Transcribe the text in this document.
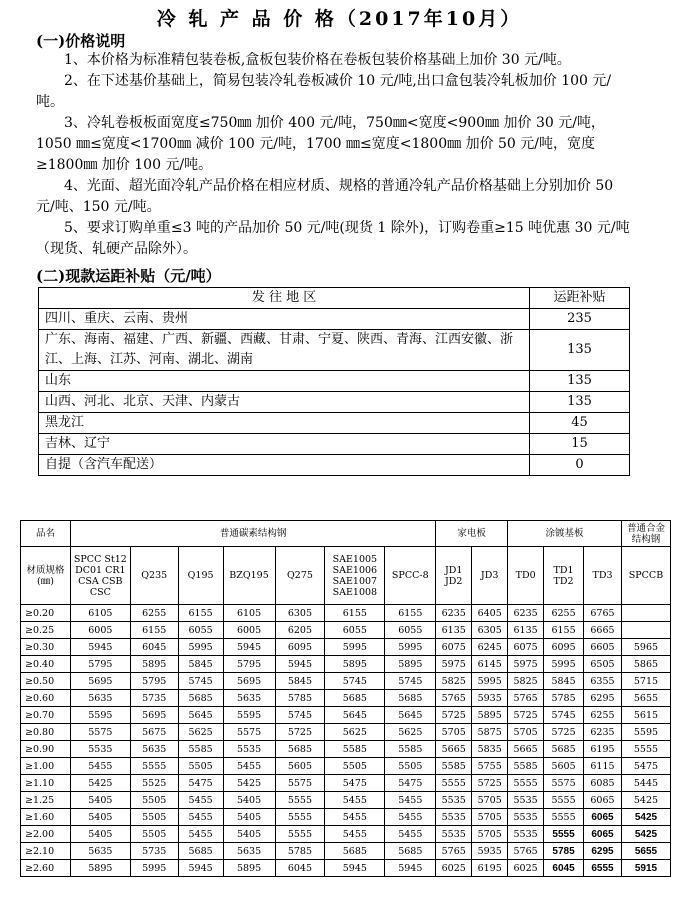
冷 轧 产 品 价 格（2017年10月）
(一)价格说明

1、本价格为标准精包装卷板,盒板包装价格在卷板包装价格基础上加价 30 元/吨。

2、在下述基价基础上，简易包装冷轧卷板减价 10 元/吨,出口盒包装冷轧板加价 100 元/吨。

3、冷轧卷板板面宽度≤750㎜ 加价 400 元/吨，750㎜<宽度<900㎜ 加价 30 元/吨，1050 ㎜≤宽度<1700㎜ 减价 100 元/吨，1700 ㎜≤宽度<1800㎜ 加价 50 元/吨，宽度≥1800㎜ 加价 100 元/吨。

4、光面、超光面冷轧产品价格在相应材质、规格的普通冷轧产品价格基础上分别加价 50 元/吨、150 元/吨。

5、要求订购单重≤3 吨的产品加价 50 元/吨(现货 1 除外)，订购卷重≥15 吨优惠 30 元/吨（现货、轧硬产品除外）。

(二)现款运距补贴（元/吨）
发 往 地 区	运距补贴
四川、重庆、云南、贵州	235
广东、海南、福建、广西、新疆、西藏、甘肃、宁夏、陕西、青海、江西安徽、浙江、上海、江苏、河南、湖北、湖南	135
山东	135
山西、河北、北京、天津、内蒙古	135
黑龙江	45
吉林、辽宁	15
自提（含汽车配送）	0
品名	普通碳素结构钢							家电板		涂镀基板			普通合金结构钢
材质规格(㎜)	SPCC St12 DC01 CR1 CSA CSB CSC	Q235	Q195	BZQ195	Q275	SAE1005 SAE1006 SAE1007 SAE1008	SPCC-8	JD1 JD2	JD3	TD0	TD1 TD2	TD3	SPCCB
≥0.20	6105	6255	6155	6105	6305	6155	6155	6235	6405	6235	6255	6765	
≥0.25	6005	6155	6055	6005	6205	6055	6055	6135	6305	6135	6155	6665	
≥0.30	5945	6045	5995	5945	6095	5995	5995	6075	6245	6075	6095	6605	5965
≥0.40	5795	5895	5845	5795	5945	5895	5895	5975	6145	5975	5995	6505	5865
≥0.50	5695	5795	5745	5695	5845	5745	5745	5825	5995	5825	5845	6355	5715
≥0.60	5635	5735	5685	5635	5785	5685	5685	5765	5935	5765	5785	6295	5655
≥0.70	5595	5695	5645	5595	5745	5645	5645	5725	5895	5725	5745	6255	5615
≥0.80	5575	5675	5625	5575	5725	5625	5625	5705	5875	5705	5725	6235	5595
≥0.90	5535	5635	5585	5535	5685	5585	5585	5665	5835	5665	5685	6195	5555
≥1.00	5455	5555	5505	5455	5605	5505	5505	5585	5755	5585	5605	6115	5475
≥1.10	5425	5525	5475	5425	5575	5475	5475	5555	5725	5555	5575	6085	5445
≥1.25	5405	5505	5455	5405	5555	5455	5455	5535	5705	5535	5555	6065	5425
≥1.60	5405	5505	5455	5405	5555	5455	5455	5535	5705	5535	5555	6065	5425
≥2.00	5405	5505	5455	5405	5555	5455	5455	5535	5705	5535	5555	6065	5425
≥2.10	5635	5735	5685	5635	5785	5685	5685	5765	5935	5765	5785	6295	5655
≥2.60	5895	5995	5945	5895	6045	5945	5945	6025	6195	6025	6045	6555	5915
